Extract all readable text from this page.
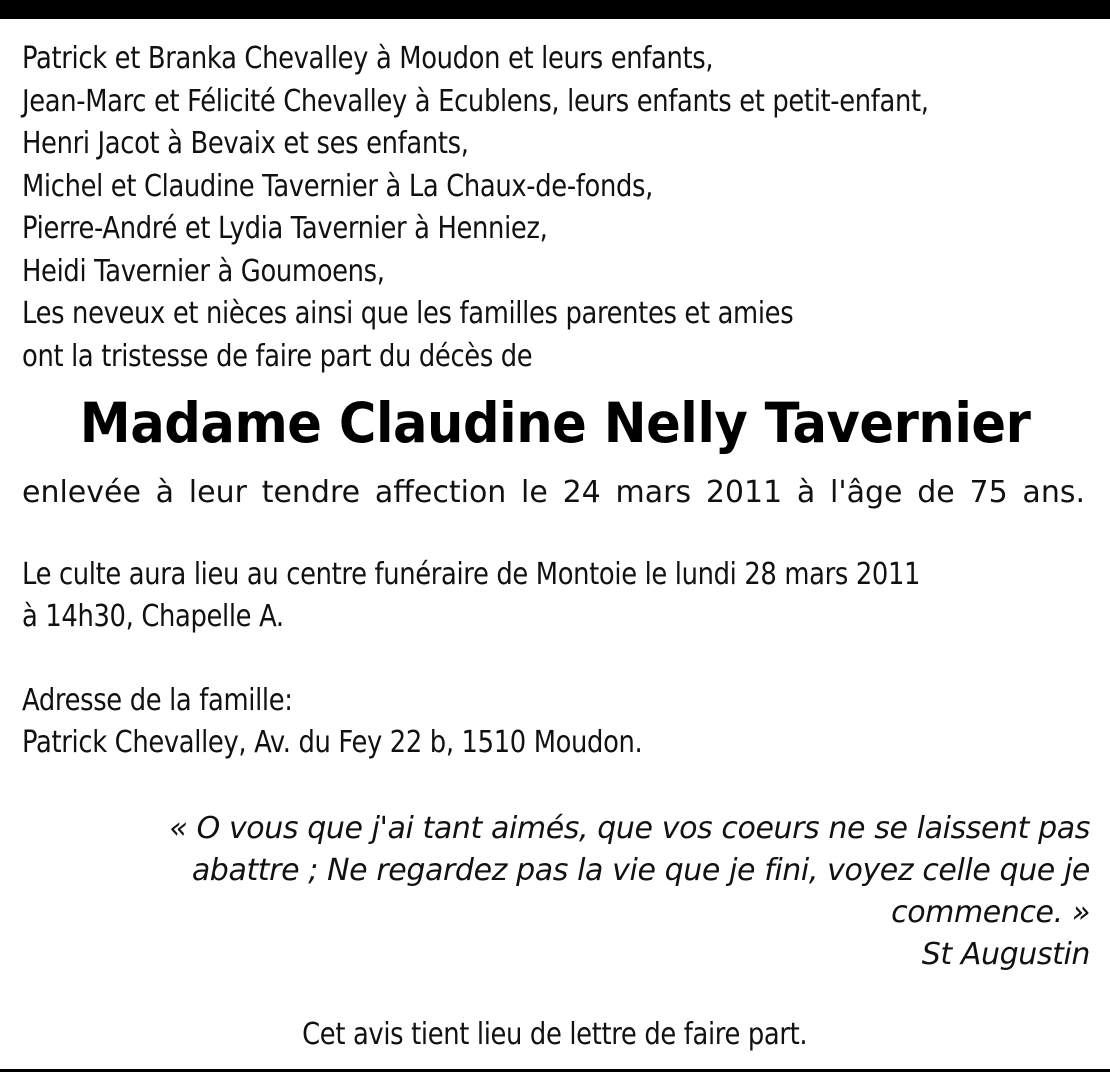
Patrick et Branka Chevalley à Moudon et leurs enfants,
Jean-Marc et Félicité Chevalley à Ecublens, leurs enfants et petit-enfant,
Henri Jacot à Bevaix et ses enfants,
Michel et Claudine Tavernier à La Chaux-de-fonds,
Pierre-André et Lydia Tavernier à Henniez,
Heidi Tavernier à Goumoens,
Les neveux et nièces ainsi que les familles parentes et amies
ont la tristesse de faire part du décès de
Madame Claudine Nelly Tavernier
enlevée à leur tendre affection le 24 mars 2011 à l'âge de 75 ans.
Le culte aura lieu au centre funéraire de Montoie le lundi 28 mars 2011
à 14h30, Chapelle A.
Adresse de la famille:
Patrick Chevalley, Av. du Fey 22 b, 1510 Moudon.
« O vous que j'ai tant aimés, que vos coeurs ne se laissent pas
abattre ; Ne regardez pas la vie que je fini, voyez celle que je
commence. »
St Augustin
Cet avis tient lieu de lettre de faire part.
